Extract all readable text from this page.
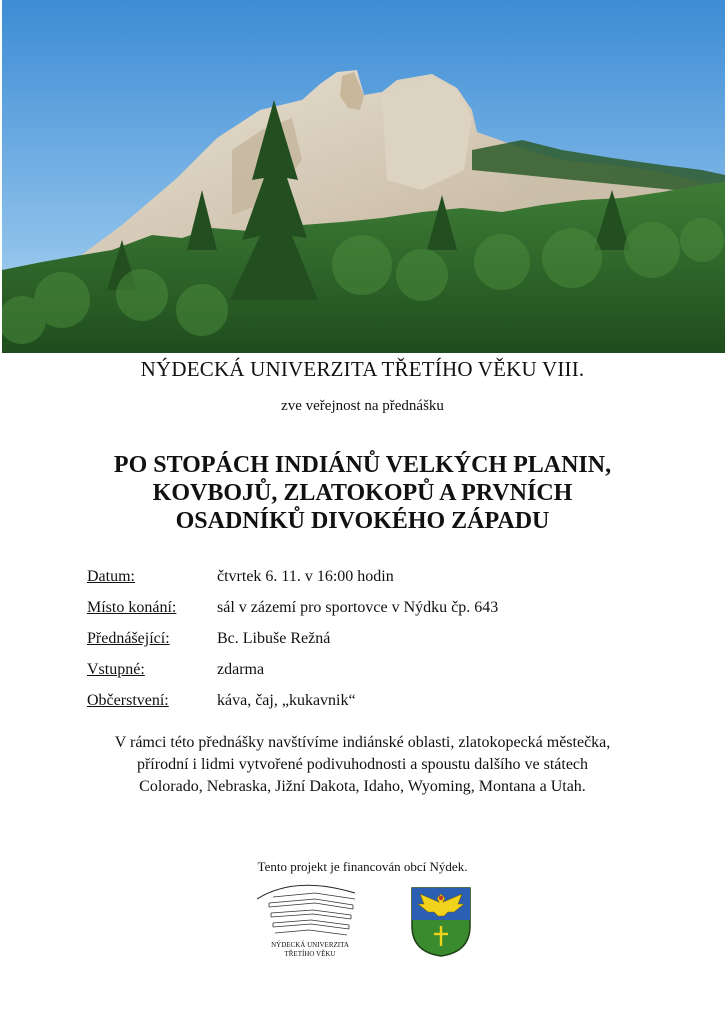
NÝDECKÁ UNIVERZITA TŘETÍHO VĚKU VIII.
zve veřejnost na přednášku
PO STOPÁCH INDIÁNŮ VELKÝCH PLANIN,
KOVBOJŮ, ZLATOKOPŮ A PRVNÍCH
OSADNÍKŮ DIVOKÉHO ZÁPADU
Datum:	čtvrtek 6. 11. v 16:00 hodin
Místo konání:	sál v zázemí pro sportovce v Nýdku čp. 643
Přednášející:	Bc. Libuše Režná
Vstupné:	zdarma
Občerstvení:	káva, čaj, „kukavnik“
V rámci této přednášky navštívíme indiánské oblasti, zlatokopecká městečka,
přírodní i lidmi vytvořené podivuhodnosti a spoustu dalšího ve státech
Colorado, Nebraska, Jižní Dakota, Idaho, Wyoming, Montana a Utah.
Tento projekt je financován obcí Nýdek.
NÝDECKÁ UNIVERZITA
TŘETÍHO VĚKU
